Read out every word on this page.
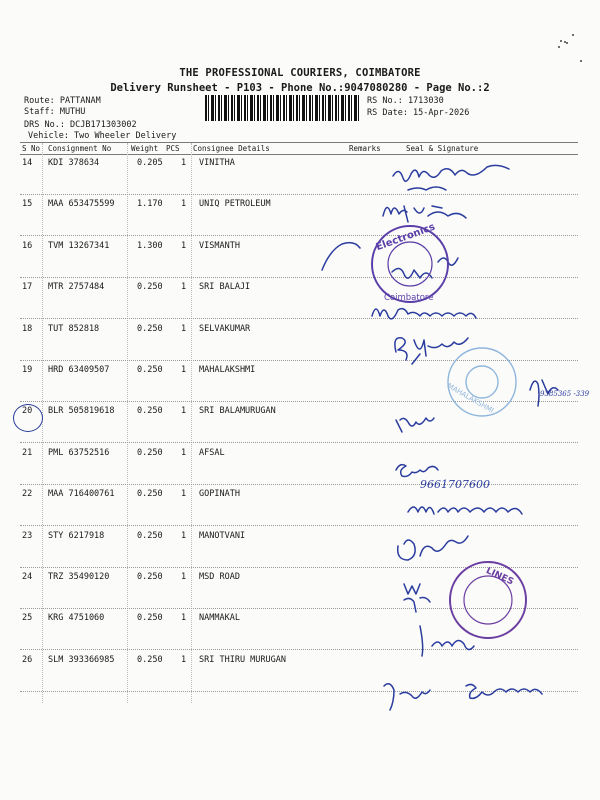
THE PROFESSIONAL COURIERS, COIMBATORE
Delivery Runsheet - P103 - Phone No.:9047080280 - Page No.:2
Route: PATTANAM
Staff: MUTHU
DRS No.: DCJB171303002
Vehicle: Two Wheeler Delivery
RS No.: 1713030
RS Date: 15-Apr-2026
S No Consignment No	Weight PCS Consignee Details	Remarks	Seal & Signature
14 KDI 378634	0.205 1 VINITHA
15 MAA 653475599	1.170 1 UNIQ PETROLEUM
16 TVM 13267341	1.300 1 VISMANTH
17 MTR 2757484	0.250 1 SRI BALAJI
18 TUT 852818	0.250 1 SELVAKUMAR
19 HRD 63409507	0.250 1 MAHALAKSHMI
20 BLR 505819618	0.250 1 SRI BALAMURUGAN
21 PML 63752516	0.250 1 AFSAL
22 MAA 716400761	0.250 1 GOPINATH
23 STY 6217918	0.250 1 MANOTVANI
24 TRZ 35490120	0.250 1 MSD ROAD
25 KRG 4751060	0.250 1 NAMMAKAL
26 SLM 393366985	0.250 1 SRI THIRU MURUGAN
Electronics
Coimbatore
MAHALAKSHMI
LINES
9661707600
9385365 -339
